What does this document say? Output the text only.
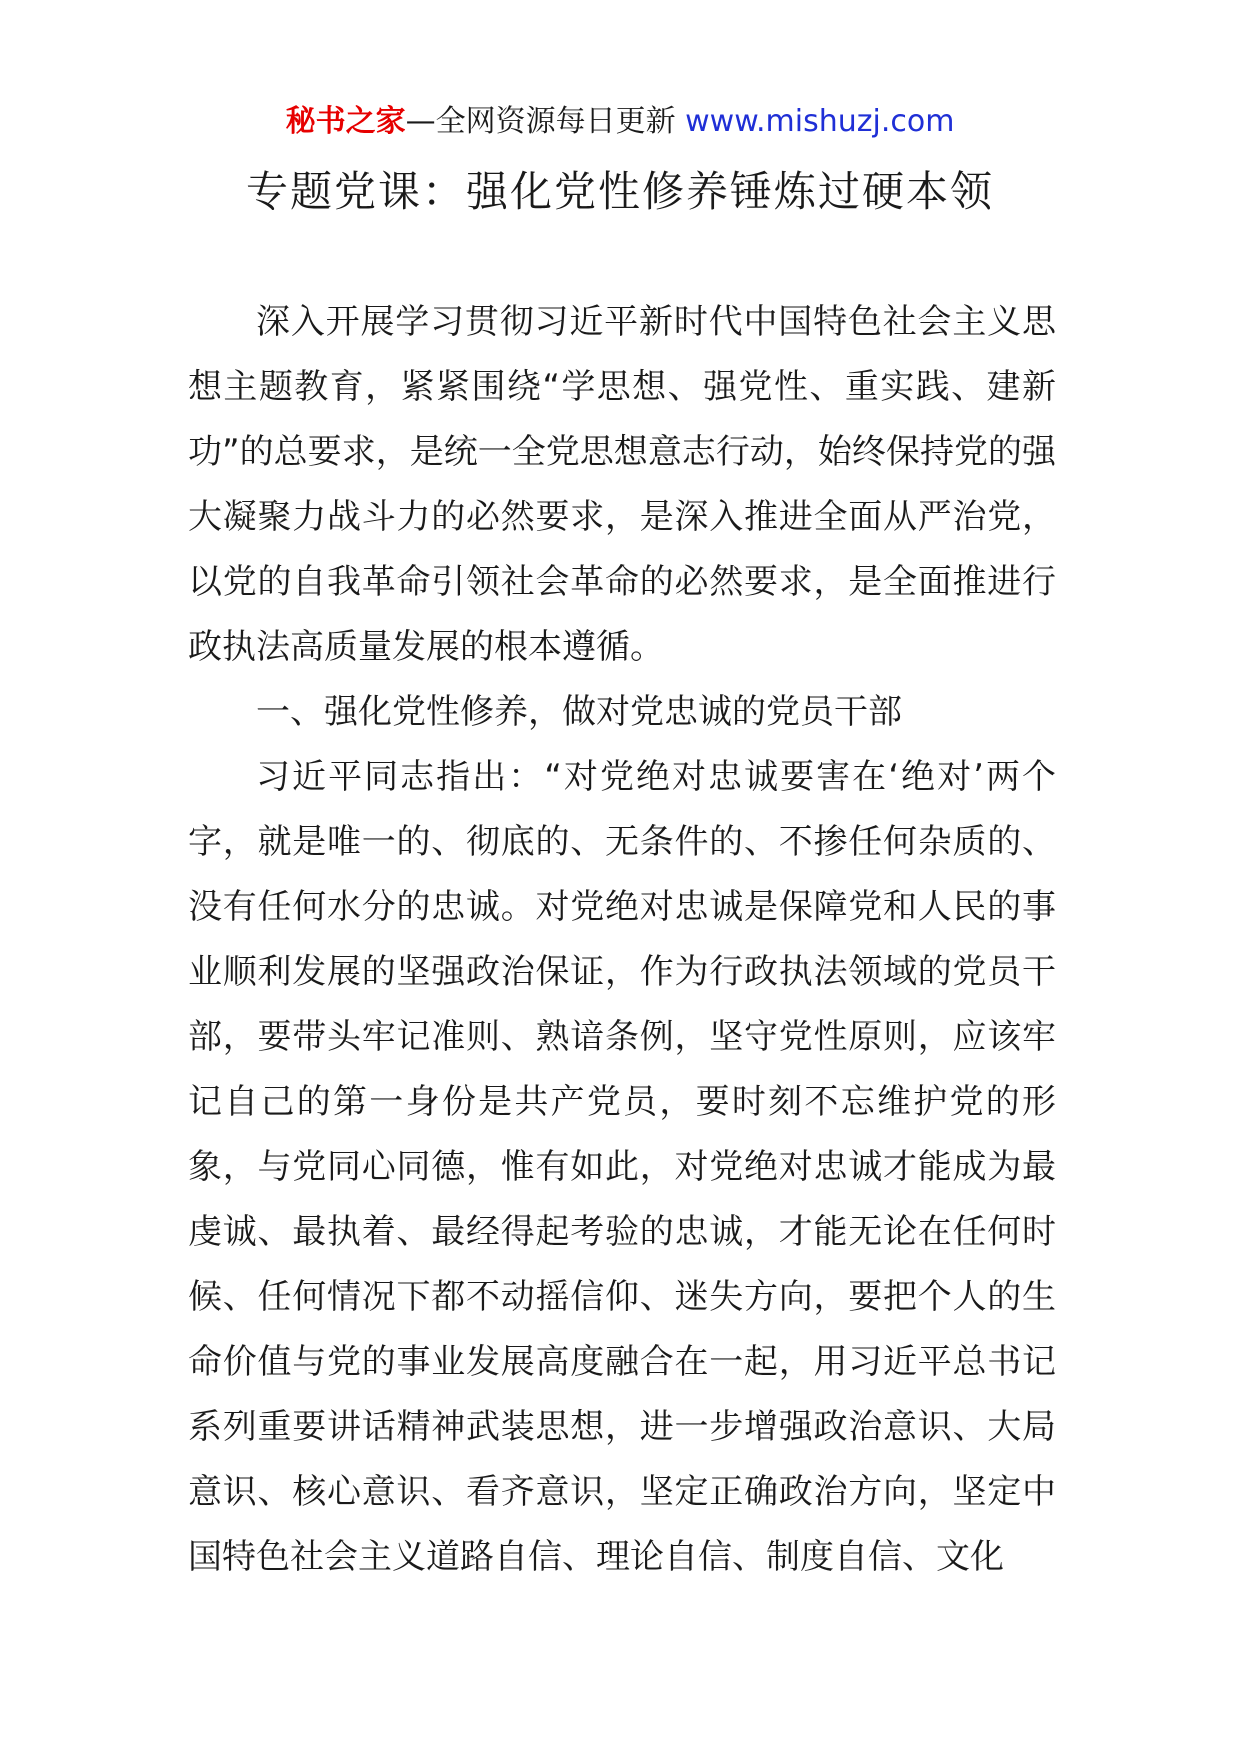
秘书之家—全网资源每日更新 www.mishuzj.com
专题党课：强化党性修养锤炼过硬本领

深入开展学习贯彻习近平新时代中国特色社会主义思想主题教育，紧紧围绕“学思想、强党性、重实践、建新功”的总要求，是统一全党思想意志行动，始终保持党的强大凝聚力战斗力的必然要求，是深入推进全面从严治党，以党的自我革命引领社会革命的必然要求，是全面推进行政执法高质量发展的根本遵循。

一、强化党性修养，做对党忠诚的党员干部

习近平同志指出：“对党绝对忠诚要害在‘绝对’两个字，就是唯一的、彻底的、无条件的、不掺任何杂质的、没有任何水分的忠诚。对党绝对忠诚是保障党和人民的事业顺利发展的坚强政治保证，作为行政执法领域的党员干部，要带头牢记准则、熟谙条例，坚守党性原则，应该牢记自己的第一身份是共产党员，要时刻不忘维护党的形象，与党同心同德，惟有如此，对党绝对忠诚才能成为最虔诚、最执着、最经得起考验的忠诚，才能无论在任何时候、任何情况下都不动摇信仰、迷失方向，要把个人的生命价值与党的事业发展高度融合在一起，用习近平总书记系列重要讲话精神武装思想，进一步增强政治意识、大局意识、核心意识、看齐意识，坚定正确政治方向，坚定中国特色社会主义道路自信、理论自信、制度自信、文化
